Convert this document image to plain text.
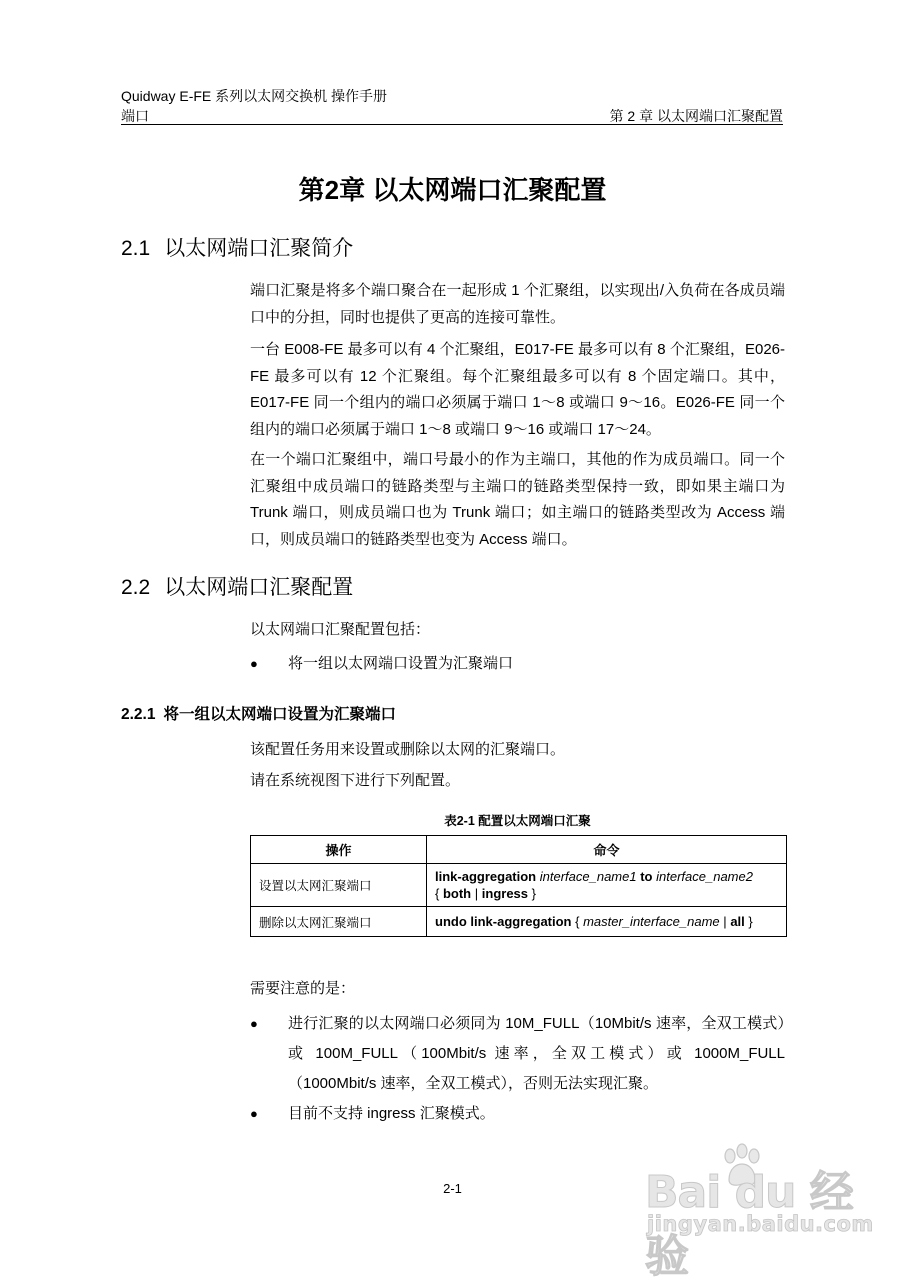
Quidway E-FE 系列以太网交换机 操作手册
端口	第 2 章 以太网端口汇聚配置
第2章 以太网端口汇聚配置
2.1 以太网端口汇聚简介
端口汇聚是将多个端口聚合在一起形成 1 个汇聚组，以实现出/入负荷在各成员端口中的分担，同时也提供了更高的连接可靠性。
一台 E008-FE 最多可以有 4 个汇聚组，E017-FE 最多可以有 8 个汇聚组，E026-FE 最多可以有 12 个汇聚组。每个汇聚组最多可以有 8 个固定端口。其中，E017-FE 同一个组内的端口必须属于端口 1～8 或端口 9～16。E026-FE 同一个组内的端口必须属于端口 1～8 或端口 9～16 或端口 17～24。
在一个端口汇聚组中，端口号最小的作为主端口，其他的作为成员端口。同一个汇聚组中成员端口的链路类型与主端口的链路类型保持一致，即如果主端口为 Trunk 端口，则成员端口也为 Trunk 端口；如主端口的链路类型改为 Access 端口，则成员端口的链路类型也变为 Access 端口。
2.2 以太网端口汇聚配置
以太网端口汇聚配置包括：
● 将一组以太网端口设置为汇聚端口
2.2.1 将一组以太网端口设置为汇聚端口
该配置任务用来设置或删除以太网的汇聚端口。
请在系统视图下进行下列配置。
表2-1 配置以太网端口汇聚
操作	命令
设置以太网汇聚端口	link-aggregation interface_name1 to interface_name2
{ both | ingress }
删除以太网汇聚端口	undo link-aggregation { master_interface_name | all }
需要注意的是：
● 进行汇聚的以太网端口必须同为 10M_FULL（10Mbit/s 速率，全双工模式）或 100M_FULL（100Mbit/s 速率，全双工模式）或 1000M_FULL（1000Mbit/s 速率，全双工模式），否则无法实现汇聚。
● 目前不支持 ingress 汇聚模式。
2-1	Bai du 经验
jingyan.baidu.com
